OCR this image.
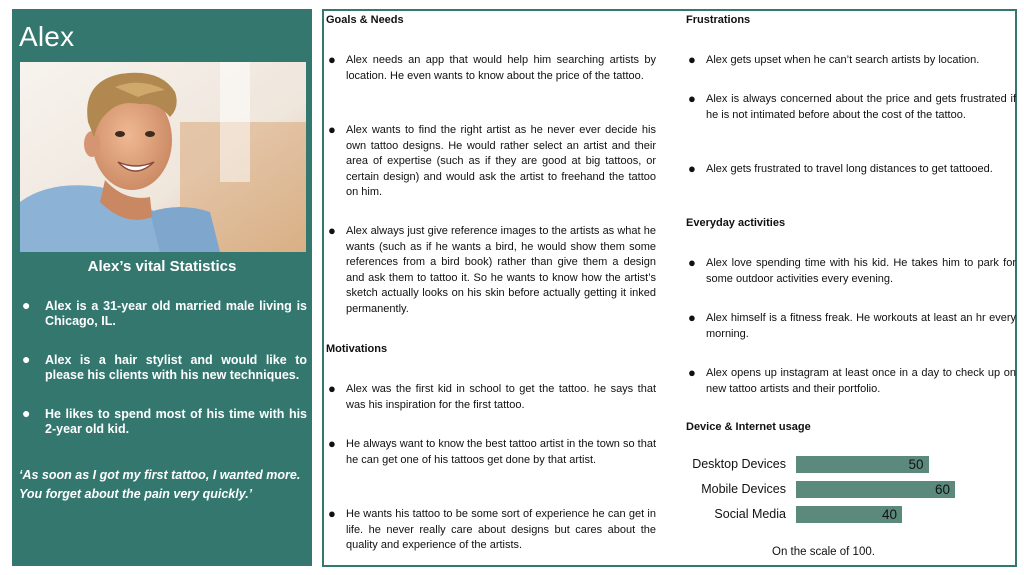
Alex
Alex’s vital Statistics
● Alex is a 31-year old married male living is Chicago, IL.
● Alex is a hair stylist and would like to please his clients with his new techniques.
● He likes to spend most of his time with his 2-year old kid.
‘As soon as I got my first tattoo, I wanted more. You forget about the pain very quickly.’
Goals & Needs
● Alex needs an app that would help him searching artists by location. He even wants to know about the price of the tattoo.
● Alex wants to find the right artist as he never ever decide his own tattoo designs. He would rather select an artist and their area of expertise (such as if they are good at big tattoos, or certain design) and would ask the artist to freehand the tattoo on him.
● Alex always just give reference images to the artists as what he wants (such as if he wants a bird, he would show them some references from a bird book) rather than give them a design and ask them to tattoo it. So he wants to know how the artist’s sketch actually looks on his skin before actually getting it inked permanently.
Motivations
● Alex was the first kid in school to get the tattoo. he says that was his inspiration for the first tattoo.
● He always want to know the best tattoo artist in the town so that he can get one of his tattoos get done by that artist.
● He wants his tattoo to be some sort of experience he can get in life. he never really care about designs but cares about the quality and experience of the artists.
Frustrations
● Alex gets upset when he can’t search artists by location.
● Alex is always concerned about the price and gets frustrated if he is not intimated before about the cost of the tattoo.
● Alex gets frustrated to travel long distances to get tattooed.
Everyday activities
● Alex love spending time with his kid. He takes him to park for some outdoor activities every evening.
● Alex himself is a fitness freak. He workouts at least an hr every morning.
● Alex opens up instagram at least once in a day to check up on new tattoo artists and their portfolio.
Device & Internet usage
Desktop Devices	50
Mobile Devices	60
Social Media	40
On the scale of 100.
